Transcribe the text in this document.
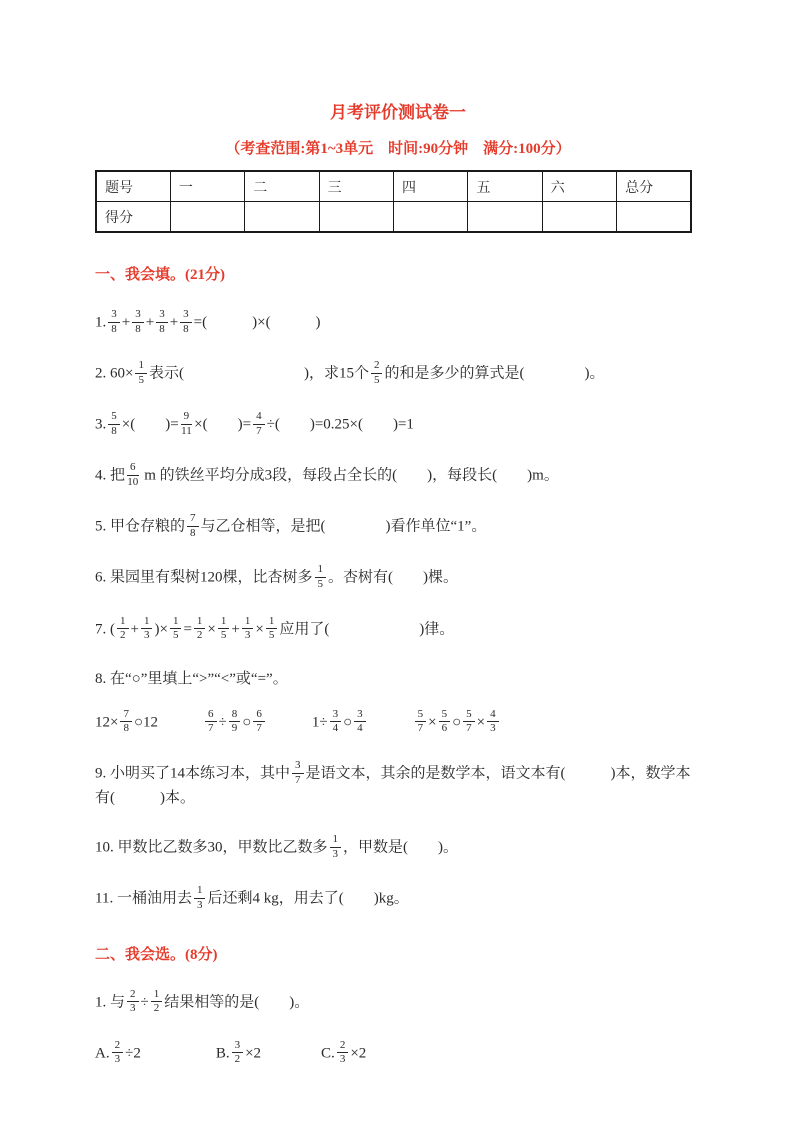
月考评价测试卷一
（考查范围:第1~3单元　时间:90分钟　满分:100分）
题号	一	二	三	四	五	六	总分
得分							
一、我会填。(21分)
1. $\frac{3}{8} + \frac{3}{8} + \frac{3}{8} + \frac{3}{8}$ =(　　　)×(　　　)
2. $60\times \frac{1}{5}$ 表示(　　　　　　　　)，求15个 $\frac{2}{5}$ 的和是多少的算式是(　　　　)。
3. $\frac{5}{8}$ ×(　　)= $\frac{9}{11}$ ×(　　)= $\frac{4}{7}$ ÷(　　)=0.25×(　　)=1
4. 把 $\frac{6}{10}$ m 的铁丝平均分成3段，每段占全长的(　　)，每段长(　　)m。
5. 甲仓存粮的 $\frac{7}{8}$ 与乙仓相等，是把(　　　　)看作单位“1”。
6. 果园里有梨树120棵，比杏树多 $\frac{1}{5}$ 。杏树有(　　)棵。
7. ( $\frac{1}{2} + \frac{1}{3}$ )× $\frac{1}{5} = \frac{1}{2} \times \frac{1}{5} + \frac{1}{3} \times \frac{1}{5}$ 应用了(　　　　　　)律。
8. 在“○”里填上“>”“<”或“=”。
$12\times \frac{7}{8}$ ○12　　　 $\frac{6}{7} \div \frac{8}{9}$ ○ $\frac{6}{7}$ 　　　$1\div \frac{3}{4}$ ○ $\frac{3}{4}$
　　　	$\frac{5}{7} \times \frac{5}{6}$ ○ $\frac{5}{7} \times \frac{4}{3}$
9. 小明买了14本练习本，其中 $\frac{3}{7}$ 是语文本，其余的是数学本，语文本有(　　　)本，数学本有(　　　)本。
10. 甲数比乙数多30，甲数比乙数多 $\frac{1}{3}$ ，甲数是(　　)。
11. 一桶油用去 $\frac{1}{3}$ 后还剩4 kg，用去了(　　)kg。
二、我会选。(8分)
1. 与 $\frac{2}{3} \div \frac{1}{2}$ 结果相等的是(　　)。
A. $\frac{2}{3} \div 2$　　　　　B. $\frac{3}{2} \times 2$　　　　C. $\frac{2}{3} \times 2$
